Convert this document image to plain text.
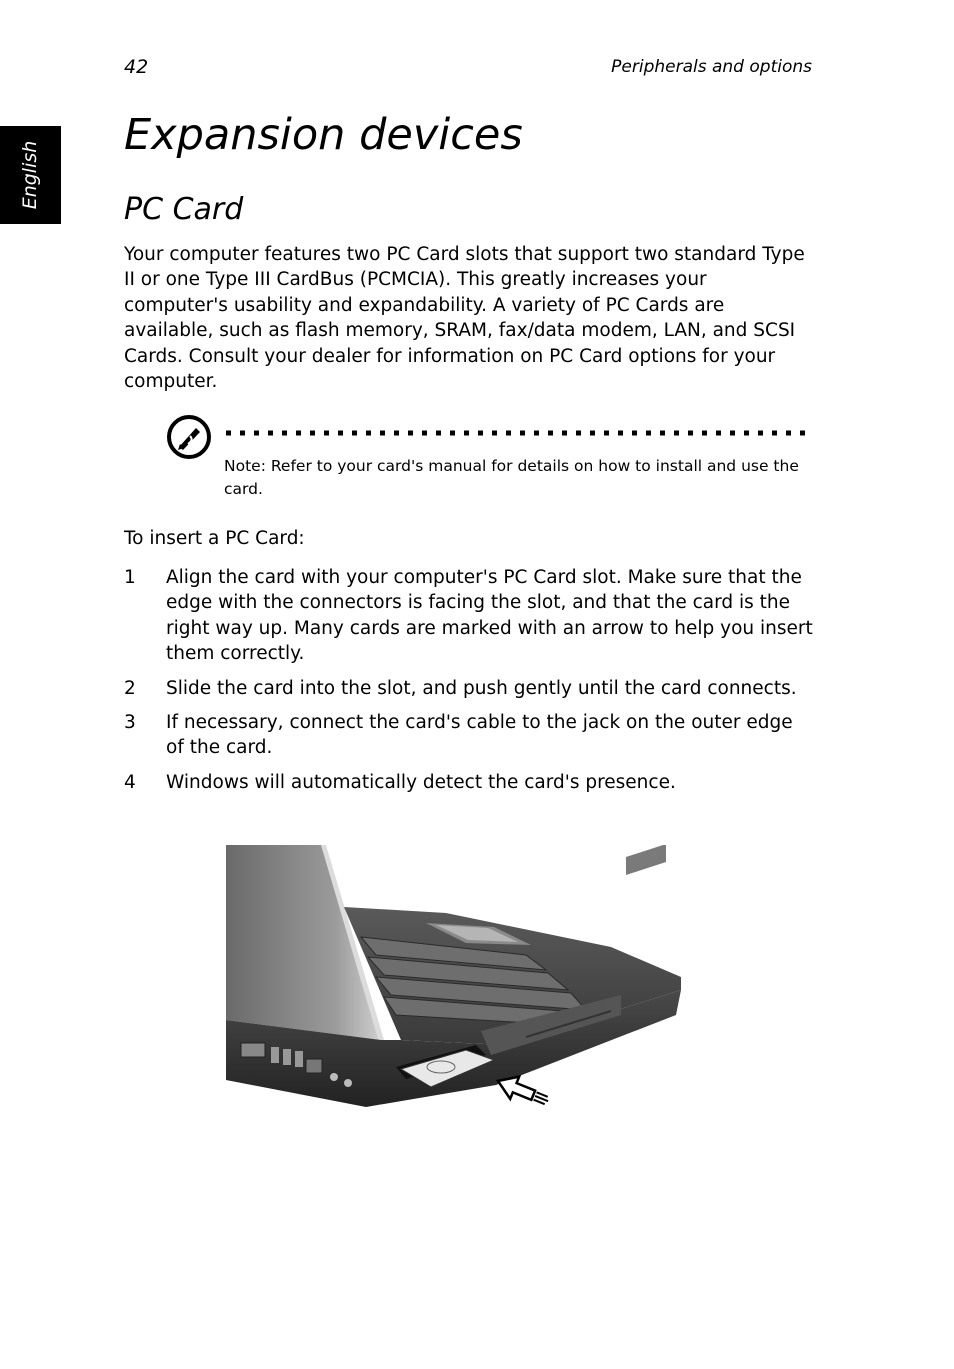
42	Peripherals and options
English
Expansion devices
PC Card

Your computer features two PC Card slots that support two standard Type II or one Type III CardBus (PCMCIA). This greatly increases your computer's usability and expandability. A variety of PC Cards are available, such as flash memory, SRAM, fax/data modem, LAN, and SCSI Cards. Consult your dealer for information on PC Card options for your computer.

Note: Refer to your card's manual for details on how to install and use the card.

To insert a PC Card:

1 Align the card with your computer's PC Card slot. Make sure that the edge with the connectors is facing the slot, and that the card is the right way up. Many cards are marked with an arrow to help you insert them correctly.
2 Slide the card into the slot, and push gently until the card connects.
3 If necessary, connect the card's cable to the jack on the outer edge of the card.
4 Windows will automatically detect the card's presence.
